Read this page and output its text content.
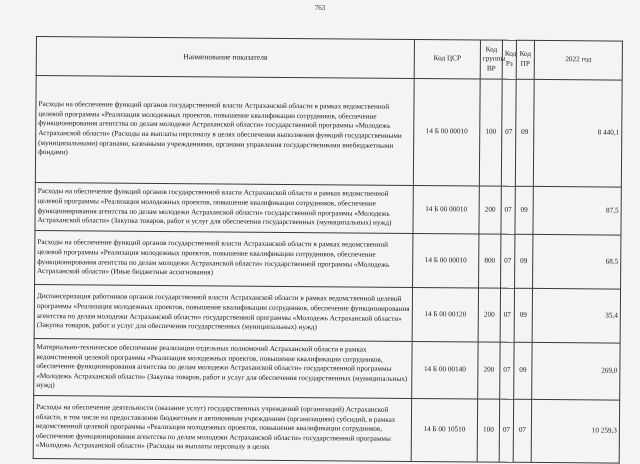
763
Наименование показателя	Код ЦСР	Код группы ВР	Код Рз	Код ПР	2022 год
Расходы на обеспечение функций органов государственной власти Астраханской области в рамках ведомственной целевой программы «Реализация молодежных проектов, повышение квалификации сотрудников, обеспечение функционирования агентства по делам молодежи Астраханской области» государственной программы «Молодежь Астраханской области» (Расходы на выплаты персоналу в целях обеспечения выполнения функций государственными (муниципальными) органами, казенными учреждениями, органами управления государственными внебюджетными фондами)	14 Б 00 00010	100	07	09	8 440,1
Расходы на обеспечение функций органов государственной власти Астраханской области в рамках ведомственной целевой программы «Реализация молодежных проектов, повышение квалификации сотрудников, обеспечение функционирования агентства по делам молодежи Астраханской области» государственной программы «Молодежь Астраханской области» (Закупка товаров, работ и услуг для обеспечения государственных (муниципальных) нужд)	14 Б 00 00010	200	07	09	87,5
Расходы на обеспечение функций органов государственной власти Астраханской области в рамках ведомственной целевой программы «Реализация молодежных проектов, повышение квалификации сотрудников, обеспечение функционирования агентства по делам молодежи Астраханской области» государственной программы «Молодежь Астраханской области» (Иные бюджетные ассигнования)	14 Б 00 00010	800	07	09	68,5
Диспансеризация работников органов государственной власти Астраханской области в рамках ведомственной целевой программы «Реализация молодежных проектов, повышение квалификации сотрудников, обеспечение функционирования агентства по делам молодежи Астраханской области» государственной программы «Молодежь Астраханской области» (Закупка товаров, работ и услуг для обеспечения государственных (муниципальных) нужд)	14 Б 00 00120	200	07	09	35,4
Материально-техническое обеспечение реализации отдельных полномочий Астраханской области в рамках ведомственной целевой программы «Реализация молодежных проектов, повышение квалификации сотрудников, обеспечение функционирования агентства по делам молодежи Астраханской области» государственной программы «Молодежь Астраханской области» (Закупка товаров, работ и услуг для обеспечения государственных (муниципальных) нужд)	14 Б 00 00140	200	07	09	269,0
Расходы на обеспечение деятельности (оказание услуг) государственных учреждений (организаций) Астраханской области, в том числе на предоставление бюджетным и автономным учреждениям (организациям) субсидий, в рамках ведомственной целевой программы «Реализация молодежных проектов, повышение квалификации сотрудников, обеспечение функционирования агентства по делам молодежи Астраханской области» государственной программы «Молодежь Астраханской области» (Расходы на выплаты персоналу в целях	14 Б 00 10510	100	07	07	10 259,3
